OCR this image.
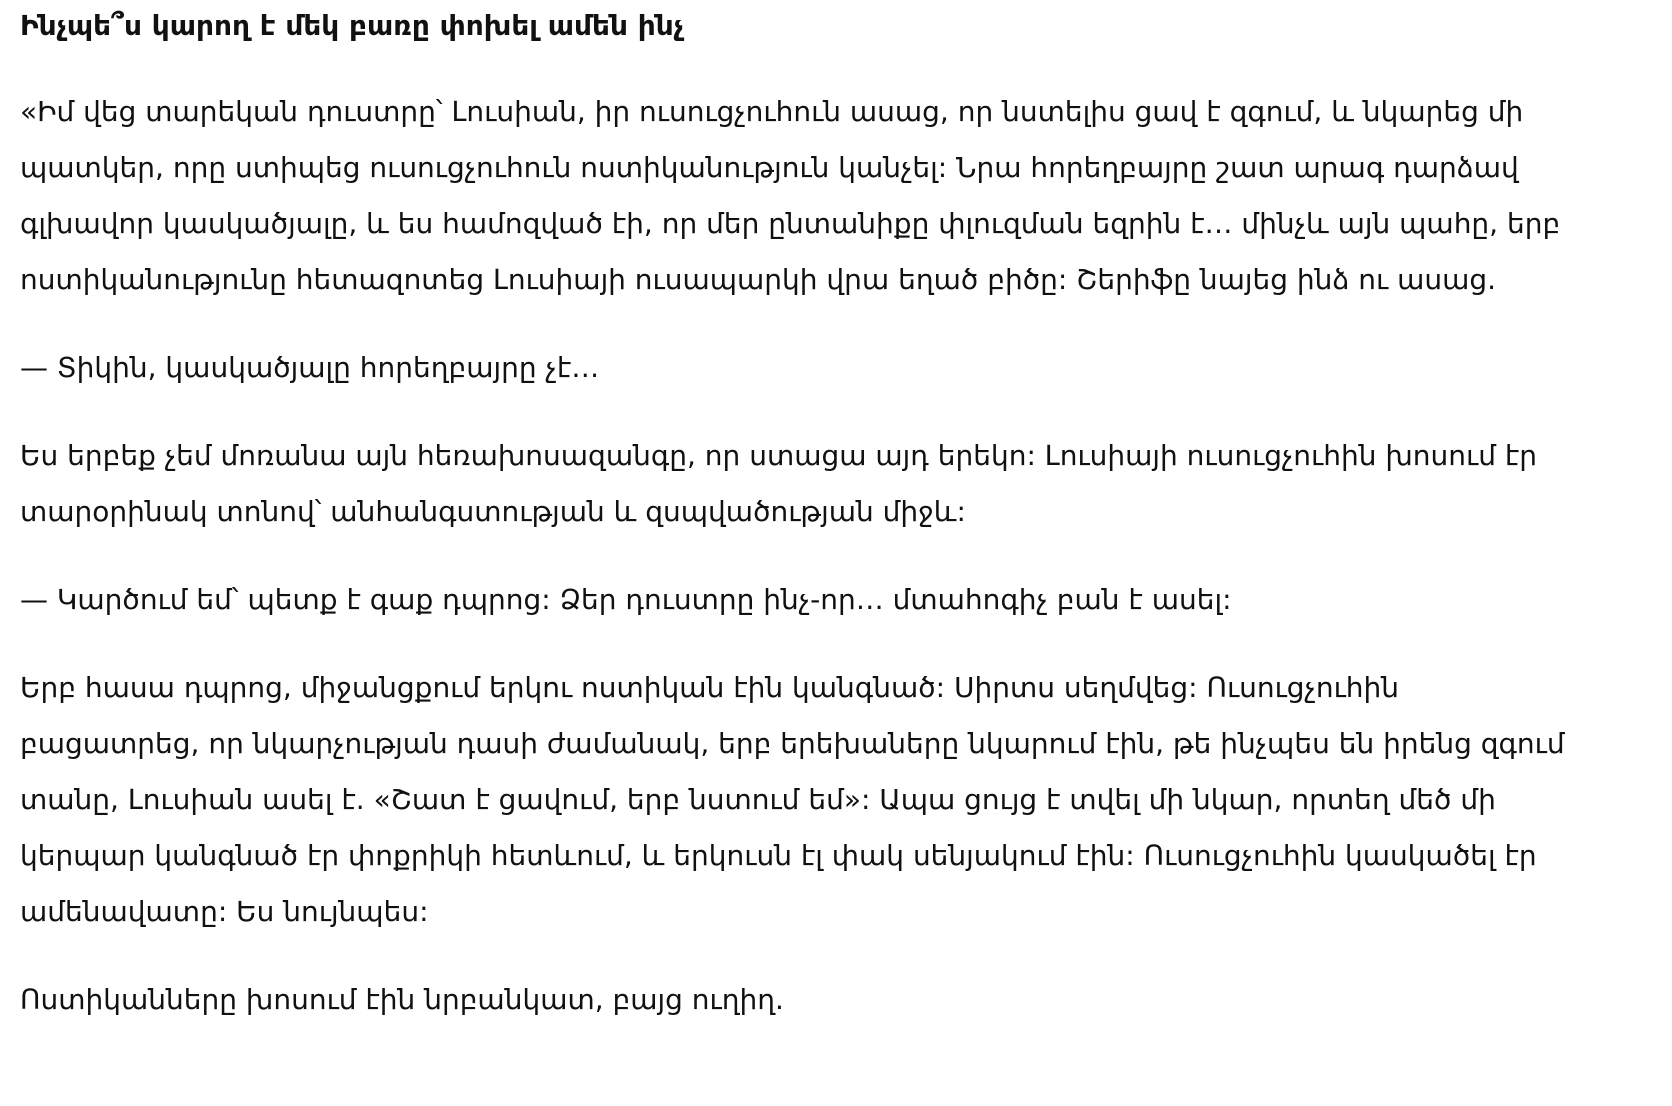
Ինչպե՞ս կարող է մեկ բառը փոխել ամեն ինչ

«Իմ վեց տարեկան դուստրը՝ Լուսիան, իր ուսուցչուհուն ասաց, որ նստելիս ցավ է զգում, և նկարեց մի պատկեր, որը ստիպեց ուսուցչուհուն ոստիկանություն կանչել: Նրա հորեղբայրը շատ արագ դարձավ գլխավոր կասկածյալը, և ես համոզված էի, որ մեր ընտանիքը փլուզման եզրին է… մինչև այն պահը, երբ ոստիկանությունը հետազոտեց Լուսիայի ուսապարկի վրա եղած բիծը: Շերիֆը նայեց ինձ ու ասաց.

— Տիկին, կասկածյալը հորեղբայրը չէ…

Ես երբեք չեմ մոռանա այն հեռախոսազանգը, որ ստացա այդ երեկո: Լուսիայի ուսուցչուհին խոսում էր տարօրինակ տոնով՝ անհանգստության և զսպվածության միջև:

— Կարծում եմ՝ պետք է գաք դպրոց: Ձեր դուստրը ինչ-որ… մտահոգիչ բան է ասել:

Երբ հասա դպրոց, միջանցքում երկու ոստիկան էին կանգնած: Սիրտս սեղմվեց: Ուսուցչուհին բացատրեց, որ նկարչության դասի ժամանակ, երբ երեխաները նկարում էին, թե ինչպես են իրենց զգում տանը, Լուսիան ասել է. «Շատ է ցավում, երբ նստում եմ»: Ապա ցույց է տվել մի նկար, որտեղ մեծ մի կերպար կանգնած էր փոքրիկի հետևում, և երկուսն էլ փակ սենյակում էին: Ուսուցչուհին կասկածել էր ամենավատը: Ես նույնպես:

Ոստիկանները խոսում էին նրբանկատ, բայց ուղիղ.
